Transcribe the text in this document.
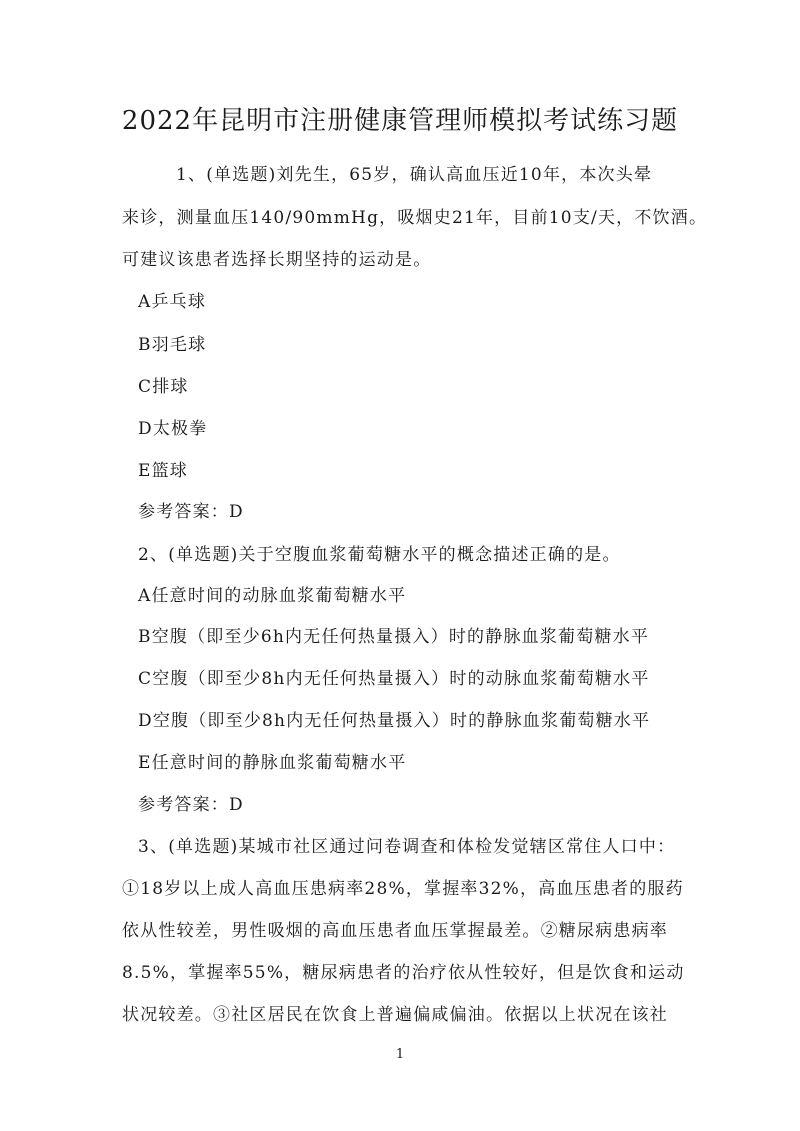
2022年昆明市注册健康管理师模拟考试练习题
1、(单选题)刘先生，65岁，确认高血压近10年，本次头晕
来诊，测量血压140/90mmHg，吸烟史21年，目前10支/天，不饮酒。
可建议该患者选择长期坚持的运动是。
A乒乓球
B羽毛球
C排球
D太极拳
E篮球
参考答案：D
2、(单选题)关于空腹血浆葡萄糖水平的概念描述正确的是。
A任意时间的动脉血浆葡萄糖水平
B空腹（即至少6h内无任何热量摄入）时的静脉血浆葡萄糖水平
C空腹（即至少8h内无任何热量摄入）时的动脉血浆葡萄糖水平
D空腹（即至少8h内无任何热量摄入）时的静脉血浆葡萄糖水平
E任意时间的静脉血浆葡萄糖水平
参考答案：D
3、(单选题)某城市社区通过问卷调查和体检发觉辖区常住人口中：
①18岁以上成人高血压患病率28%，掌握率32%，高血压患者的服药
依从性较差，男性吸烟的高血压患者血压掌握最差。②糖尿病患病率
8.5%，掌握率55%，糖尿病患者的治疗依从性较好，但是饮食和运动
状况较差。③社区居民在饮食上普遍偏咸偏油。依据以上状况在该社
1
